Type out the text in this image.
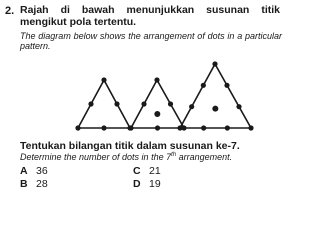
2. Rajah di bawah menunjukkan susunan titik mengikut pola tertentu.
The diagram below shows the arrangement of dots in a particular pattern.
Tentukan bilangan titik dalam susunan ke-7.
Determine the number of dots in the 7th arrangement.
A 36
B 28
C 21
D 19
